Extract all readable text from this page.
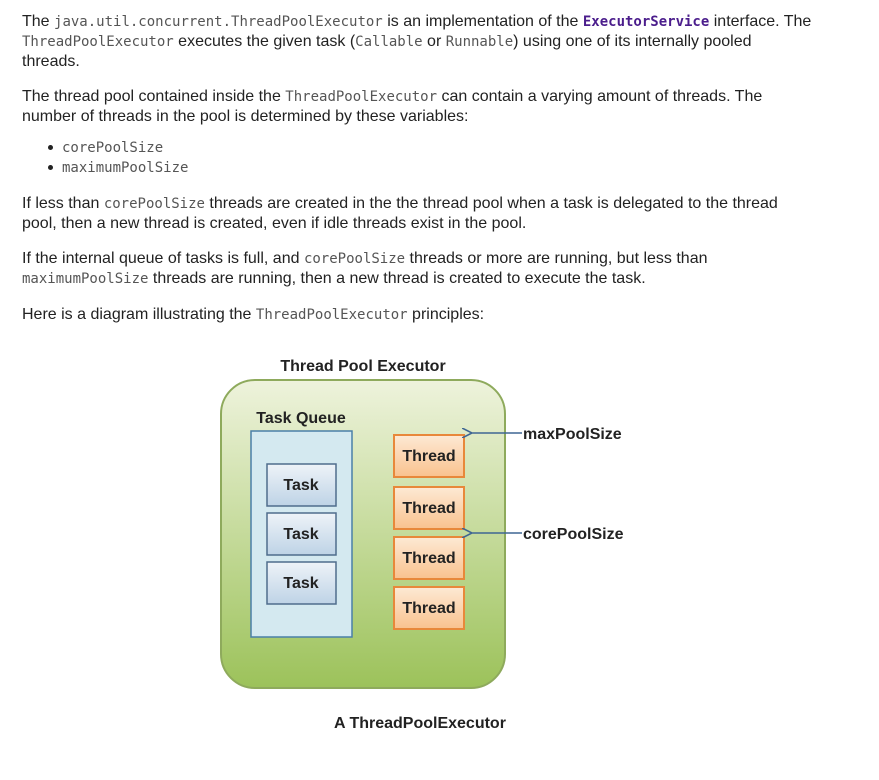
The java.util.concurrent.ThreadPoolExecutor is an implementation of the ExecutorService interface. The ThreadPoolExecutor executes the given task (Callable or Runnable) using one of its internally pooled threads.

The thread pool contained inside the ThreadPoolExecutor can contain a varying amount of threads. The number of threads in the pool is determined by these variables:

corePoolSize
maximumPoolSize

If less than corePoolSize threads are created in the the thread pool when a task is delegated to the thread pool, then a new thread is created, even if idle threads exist in the pool.

If the internal queue of tasks is full, and corePoolSize threads or more are running, but less than maximumPoolSize threads are running, then a new thread is created to execute the task.

Here is a diagram illustrating the ThreadPoolExecutor principles:

Thread Pool Executor
Task Queue
Task
Task
Task
Thread
Thread
Thread
Thread
maxPoolSize
corePoolSize
A ThreadPoolExecutor
